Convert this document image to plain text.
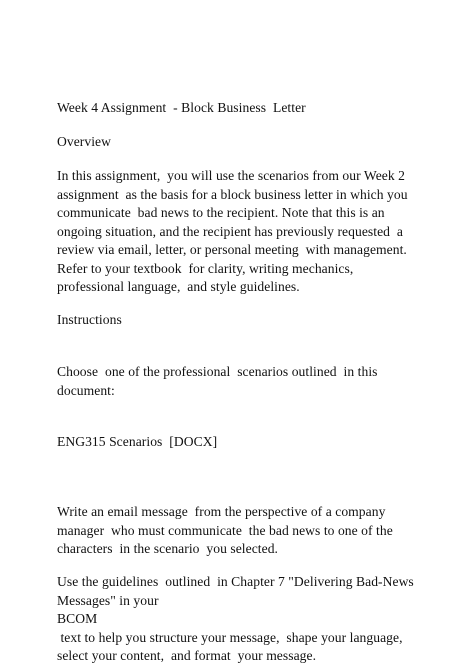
Week 4 Assignment  - Block Business  Letter

Overview

In this assignment,  you will use the scenarios from our Week 2

assignment  as the basis for a block business letter in which you

communicate  bad news to the recipient. Note that this is an

ongoing situation, and the recipient has previously requested  a

review via email, letter, or personal meeting  with management.

Refer to your textbook  for clarity, writing mechanics,

professional language,  and style guidelines.

Instructions

Choose  one of the professional  scenarios outlined  in this

document:

ENG315 Scenarios  [DOCX]

Write an email message  from the perspective of a company

manager  who must communicate  the bad news to one of the

characters  in the scenario  you selected.

Use the guidelines  outlined  in Chapter 7 "Delivering Bad-News

Messages" in your

BCOM

text to help you structure your message,  shape your language,

select your content,  and format  your message.
